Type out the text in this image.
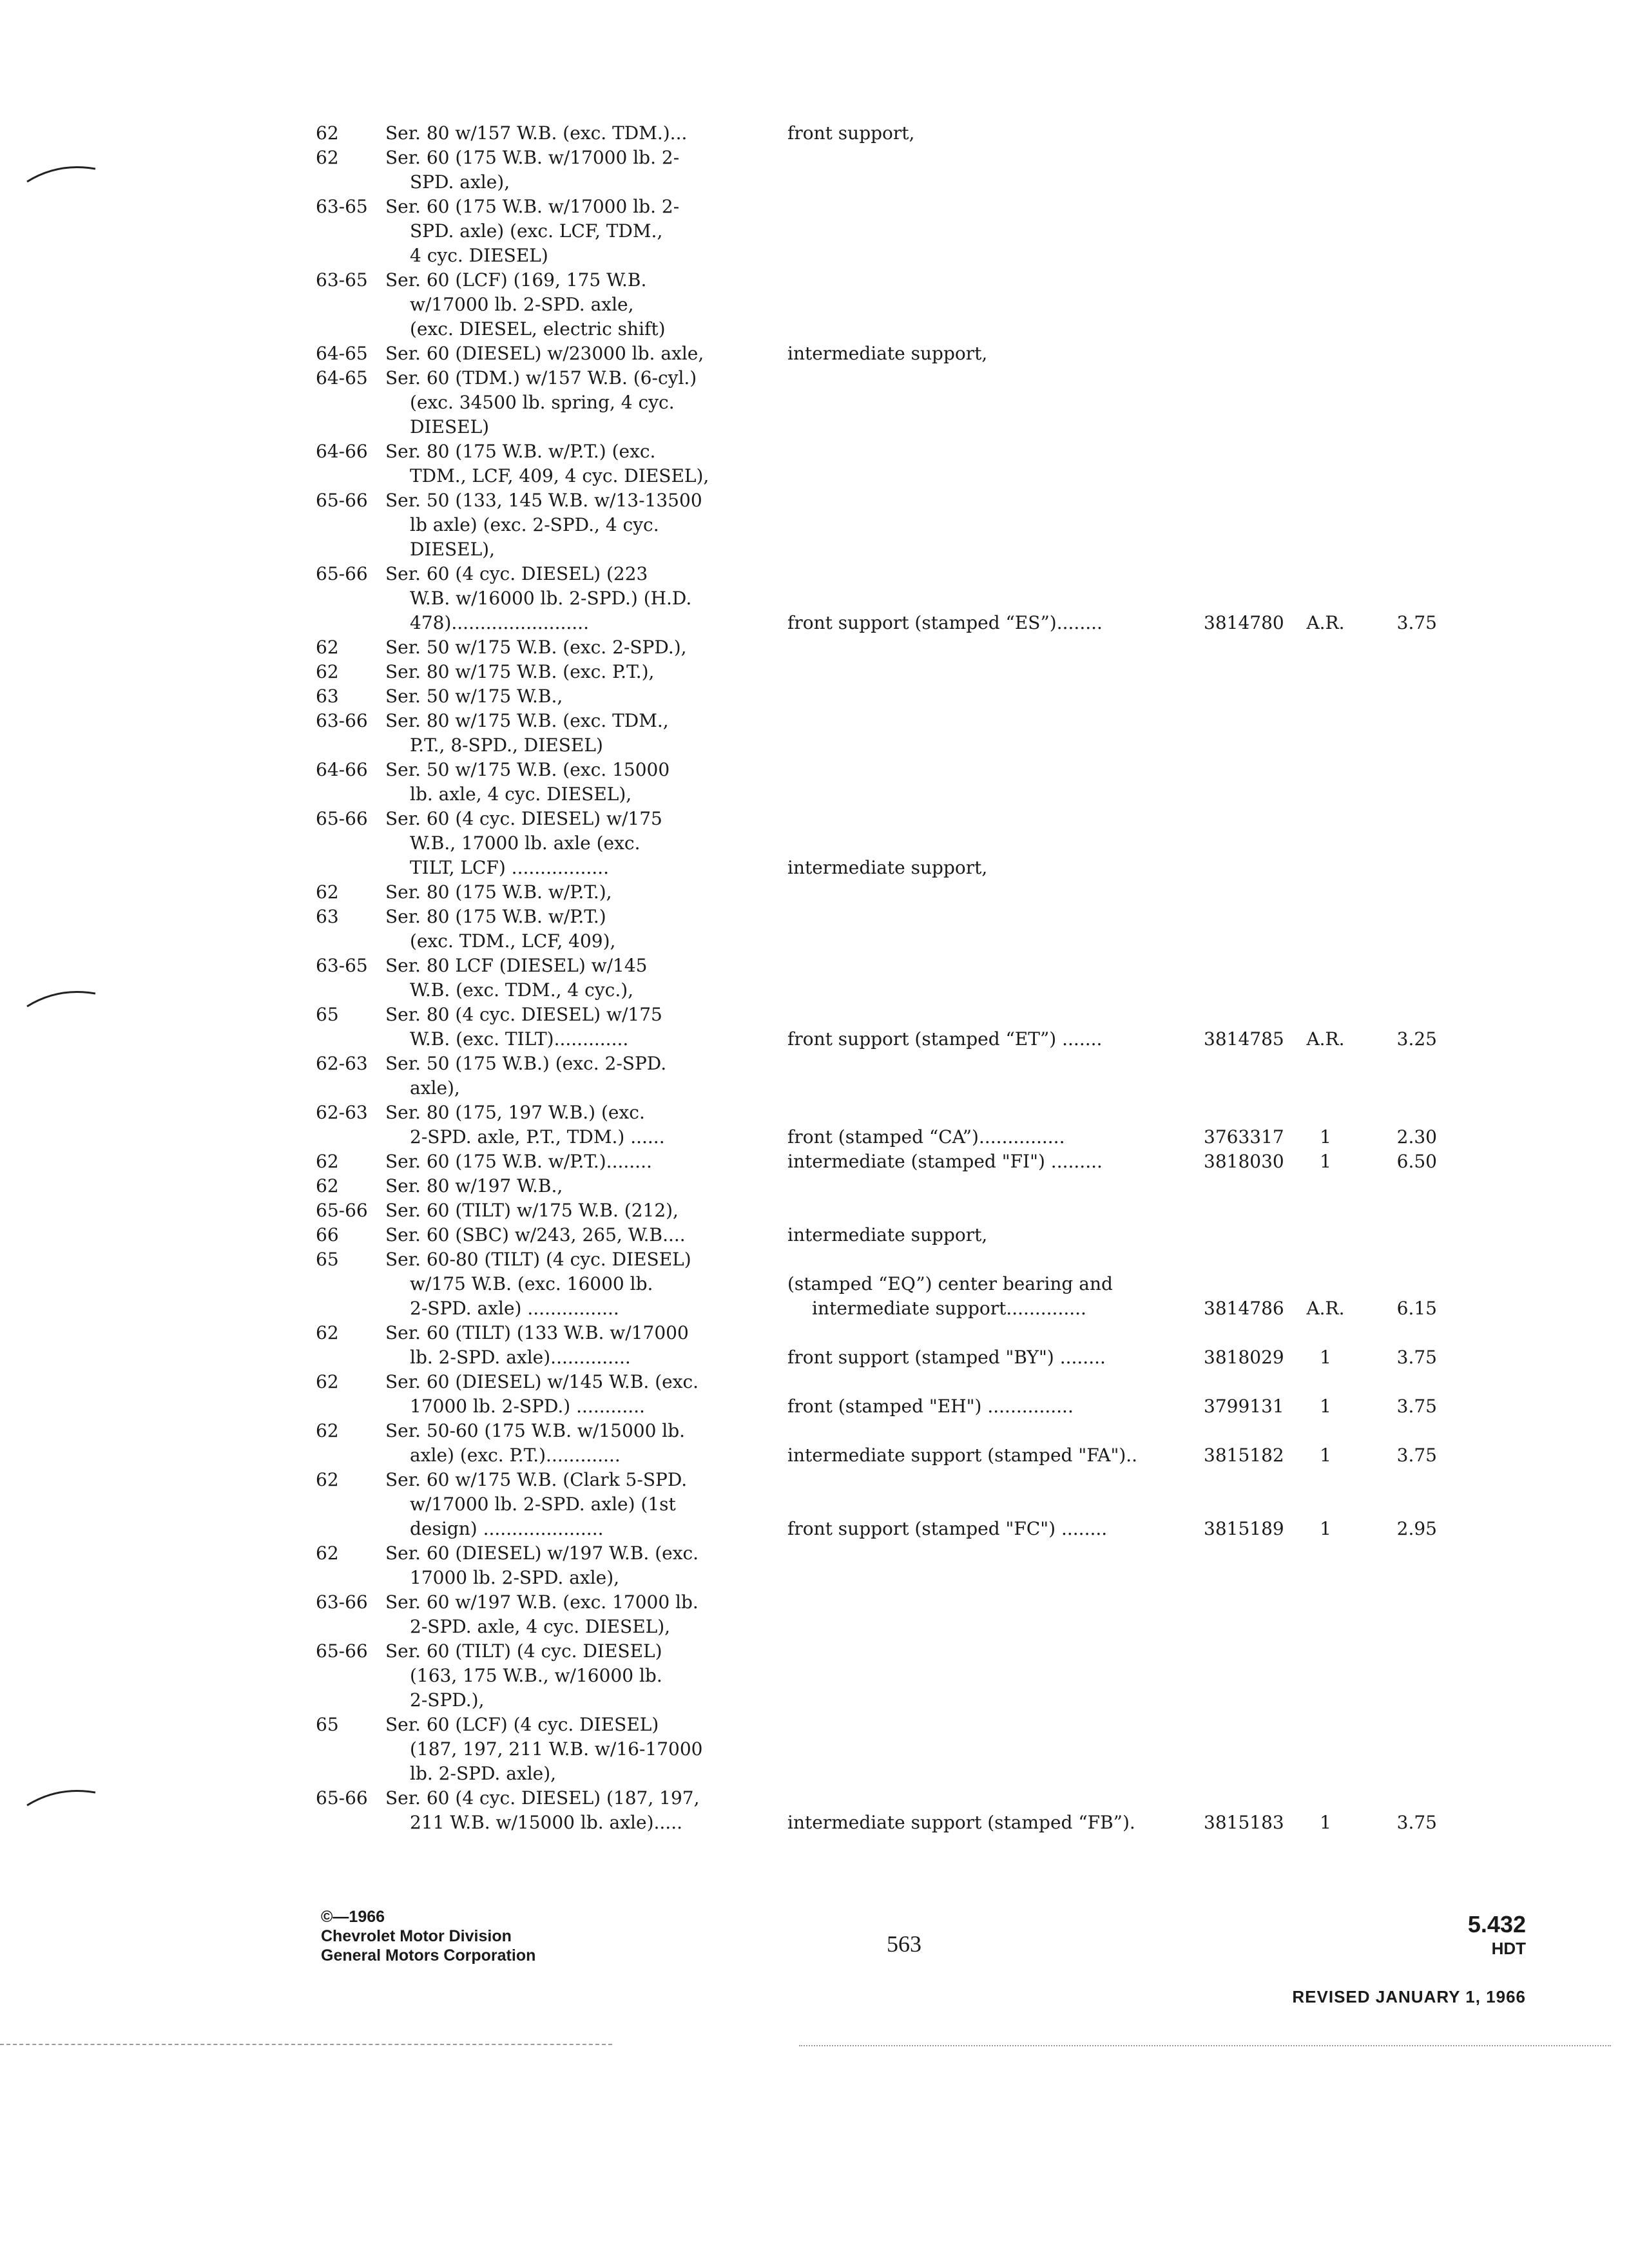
62	Ser. 80 w/157 W.B. (exc. TDM.)...	front support,
62	Ser. 60 (175 W.B. w/17000 lb. 2-
SPD. axle),
63-65 Ser. 60 (175 W.B. w/17000 lb. 2-
SPD. axle) (exc. LCF, TDM.,
4 cyc. DIESEL)
63-65 Ser. 60 (LCF) (169, 175 W.B.
w/17000 lb. 2-SPD. axle,
(exc. DIESEL, electric shift)
64-65 Ser. 60 (DIESEL) w/23000 lb. axle,	intermediate support,
64-65 Ser. 60 (TDM.) w/157 W.B. (6-cyl.)
(exc. 34500 lb. spring, 4 cyc.
DIESEL)
64-66 Ser. 80 (175 W.B. w/P.T.) (exc.
TDM., LCF, 409, 4 cyc. DIESEL),
65-66 Ser. 50 (133, 145 W.B. w/13-13500
lb axle) (exc. 2-SPD., 4 cyc.
DIESEL),
65-66 Ser. 60 (4 cyc. DIESEL) (223
W.B. w/16000 lb. 2-SPD.) (H.D.
478)........................	front support (stamped “ES”)........	3814780 A.R.	3.75
62	Ser. 50 w/175 W.B. (exc. 2-SPD.),
62	Ser. 80 w/175 W.B. (exc. P.T.),
63	Ser. 50 w/175 W.B.,
63-66 Ser. 80 w/175 W.B. (exc. TDM.,
P.T., 8-SPD., DIESEL)
64-66 Ser. 50 w/175 W.B. (exc. 15000
lb. axle, 4 cyc. DIESEL),
65-66 Ser. 60 (4 cyc. DIESEL) w/175
W.B., 17000 lb. axle (exc.
TILT, LCF) .................	intermediate support,
62	Ser. 80 (175 W.B. w/P.T.),
63	Ser. 80 (175 W.B. w/P.T.)
(exc. TDM., LCF, 409),
63-65 Ser. 80 LCF (DIESEL) w/145
W.B. (exc. TDM., 4 cyc.),
65	Ser. 80 (4 cyc. DIESEL) w/175
W.B. (exc. TILT).............	front support (stamped “ET”) .......	3814785 A.R.	3.25
62-63 Ser. 50 (175 W.B.) (exc. 2-SPD.
axle),
62-63 Ser. 80 (175, 197 W.B.) (exc.
2-SPD. axle, P.T., TDM.) ......	front (stamped “CA”)...............	3763317	1	2.30
62	Ser. 60 (175 W.B. w/P.T.)........	intermediate (stamped "FI") .........	3818030	1	6.50
62	Ser. 80 w/197 W.B.,
65-66 Ser. 60 (TILT) w/175 W.B. (212),
66	Ser. 60 (SBC) w/243, 265, W.B....	intermediate support,
65	Ser. 60-80 (TILT) (4 cyc. DIESEL)
w/175 W.B. (exc. 16000 lb.
2-SPD. axle) ................
(stamped “EQ”) center bearing and
intermediate support..............	3814786 A.R.	6.15
62	Ser. 60 (TILT) (133 W.B. w/17000
lb. 2-SPD. axle)..............	front support (stamped "BY") ........	3818029	1	3.75
62	Ser. 60 (DIESEL) w/145 W.B. (exc.
17000 lb. 2-SPD.) ............	front (stamped "EH") ...............	3799131	1	3.75
62	Ser. 50-60 (175 W.B. w/15000 lb.
axle) (exc. P.T.).............	intermediate support (stamped "FA")..	3815182	1	3.75
62	Ser. 60 w/175 W.B. (Clark 5-SPD.
w/17000 lb. 2-SPD. axle) (1st
design) .....................	front support (stamped "FC") ........	3815189	1	2.95
62	Ser. 60 (DIESEL) w/197 W.B. (exc.
17000 lb. 2-SPD. axle),
63-66 Ser. 60 w/197 W.B. (exc. 17000 lb.
2-SPD. axle, 4 cyc. DIESEL),
65-66 Ser. 60 (TILT) (4 cyc. DIESEL)
(163, 175 W.B., w/16000 lb.
2-SPD.),
65	Ser. 60 (LCF) (4 cyc. DIESEL)
(187, 197, 211 W.B. w/16-17000
lb. 2-SPD. axle),
65-66 Ser. 60 (4 cyc. DIESEL) (187, 197,
211 W.B. w/15000 lb. axle).....	intermediate support (stamped “FB”).	3815183	1	3.75
©—1966
Chevrolet Motor Division
General Motors Corporation	563
5.432
HDT
REVISED JANUARY 1, 1966
